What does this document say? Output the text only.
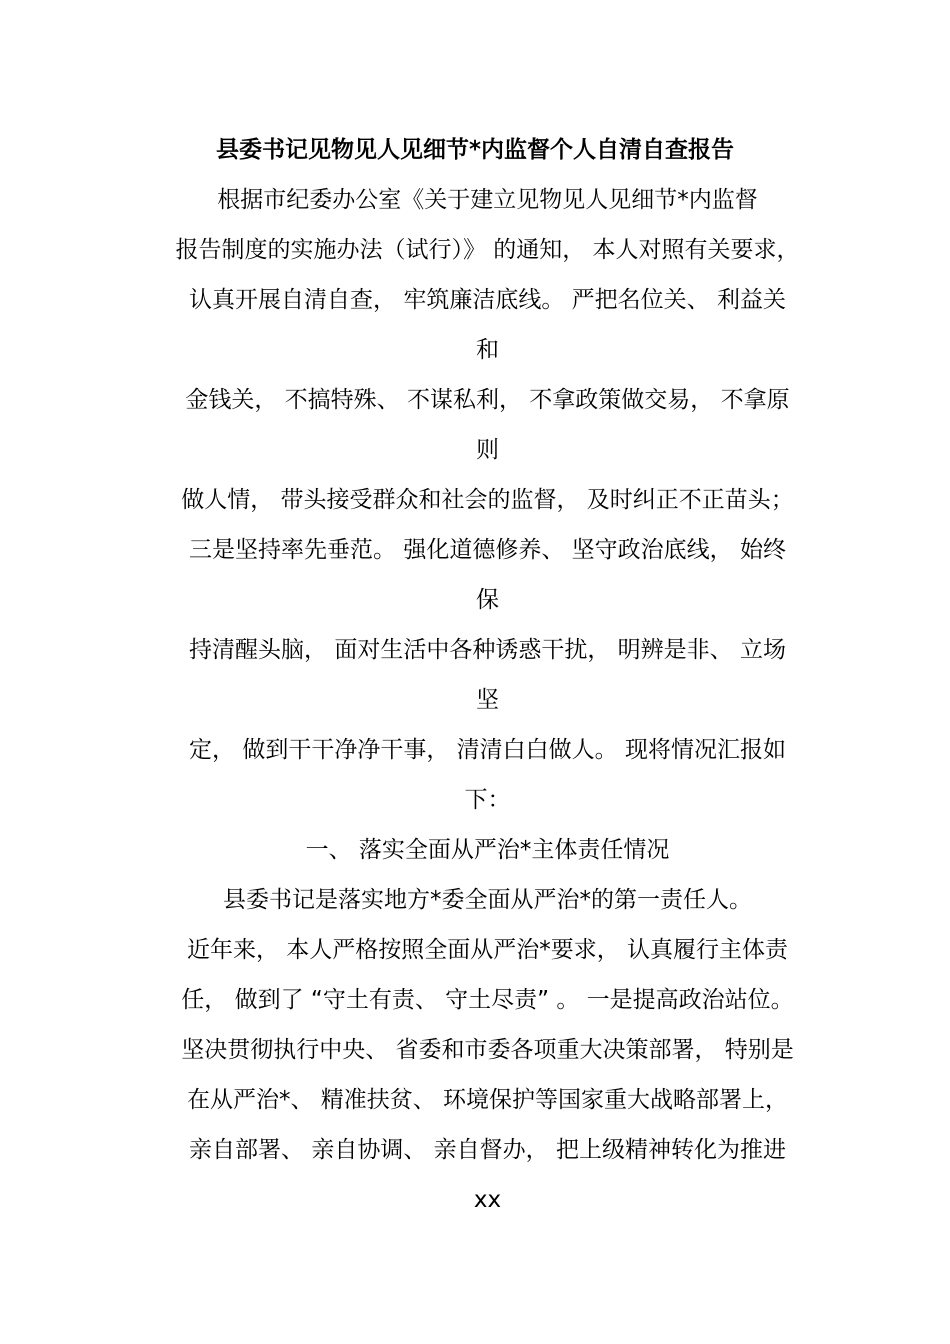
县委书记见物见人见细节*内监督个人自清自查报告
根据市纪委办公室《关于建立见物见人见细节*内监督
报告制度的实施办法（试行）》 的通知， 本人对照有关要求，
认真开展自清自查， 牢筑廉洁底线。 严把名位关、 利益关
和
金钱关， 不搞特殊、 不谋私利， 不拿政策做交易， 不拿原
则
做人情， 带头接受群众和社会的监督， 及时纠正不正苗头；
三是坚持率先垂范。 强化道德修养、 坚守政治底线， 始终
保
持清醒头脑， 面对生活中各种诱惑干扰， 明辨是非、 立场
坚
定， 做到干干净净干事， 清清白白做人。 现将情况汇报如
下：
一、 落实全面从严治*主体责任情况
县委书记是落实地方*委全面从严治*的第一责任人。
近年来， 本人严格按照全面从严治*要求， 认真履行主体责
任， 做到了 “守土有责、 守土尽责” 。 一是提高政治站位。
坚决贯彻执行中央、 省委和市委各项重大决策部署， 特别是
在从严治*、 精准扶贫、 环境保护等国家重大战略部署上，
亲自部署、 亲自协调、 亲自督办， 把上级精神转化为推进
xx
